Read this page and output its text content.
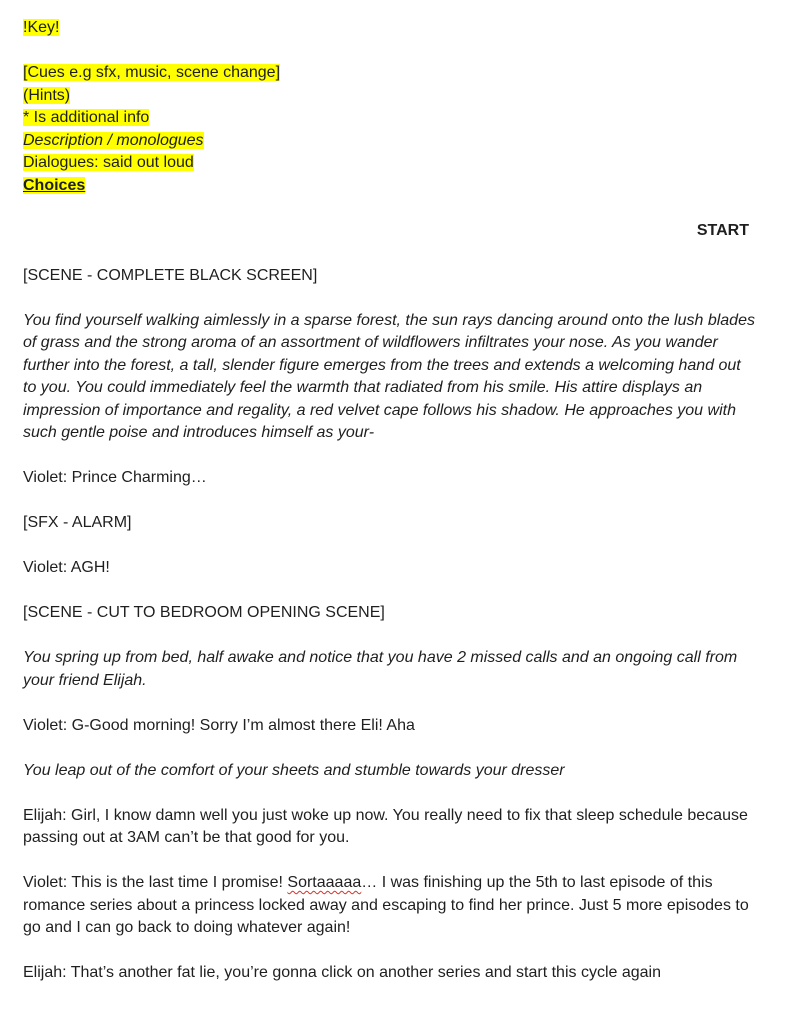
!Key!
[Cues e.g sfx, music, scene change]
(Hints)
* Is additional info
Description / monologues
Dialogues: said out loud
Choices
START
[SCENE - COMPLETE BLACK SCREEN]
You find yourself walking aimlessly in a sparse forest, the sun rays dancing around onto the lush blades of grass and the strong aroma of an assortment of wildflowers infiltrates your nose. As you wander further into the forest, a tall, slender figure emerges from the trees and extends a welcoming hand out to you. You could immediately feel the warmth that radiated from his smile. His attire displays an impression of importance and regality, a red velvet cape follows his shadow. He approaches you with such gentle poise and introduces himself as your-
Violet: Prince Charming…
[SFX - ALARM]
Violet: AGH!
[SCENE - CUT TO BEDROOM OPENING SCENE]
You spring up from bed, half awake and notice that you have 2 missed calls and an ongoing call from your friend Elijah.
Violet: G-Good morning! Sorry I’m almost there Eli! Aha
You leap out of the comfort of your sheets and stumble towards your dresser
Elijah: Girl, I know damn well you just woke up now. You really need to fix that sleep schedule because passing out at 3AM can’t be that good for you.
Violet: This is the last time I promise! Sortaaaaa… I was finishing up the 5th to last episode of this romance series about a princess locked away and escaping to find her prince. Just 5 more episodes to go and I can go back to doing whatever again!
Elijah: That’s another fat lie, you’re gonna click on another series and start this cycle again
